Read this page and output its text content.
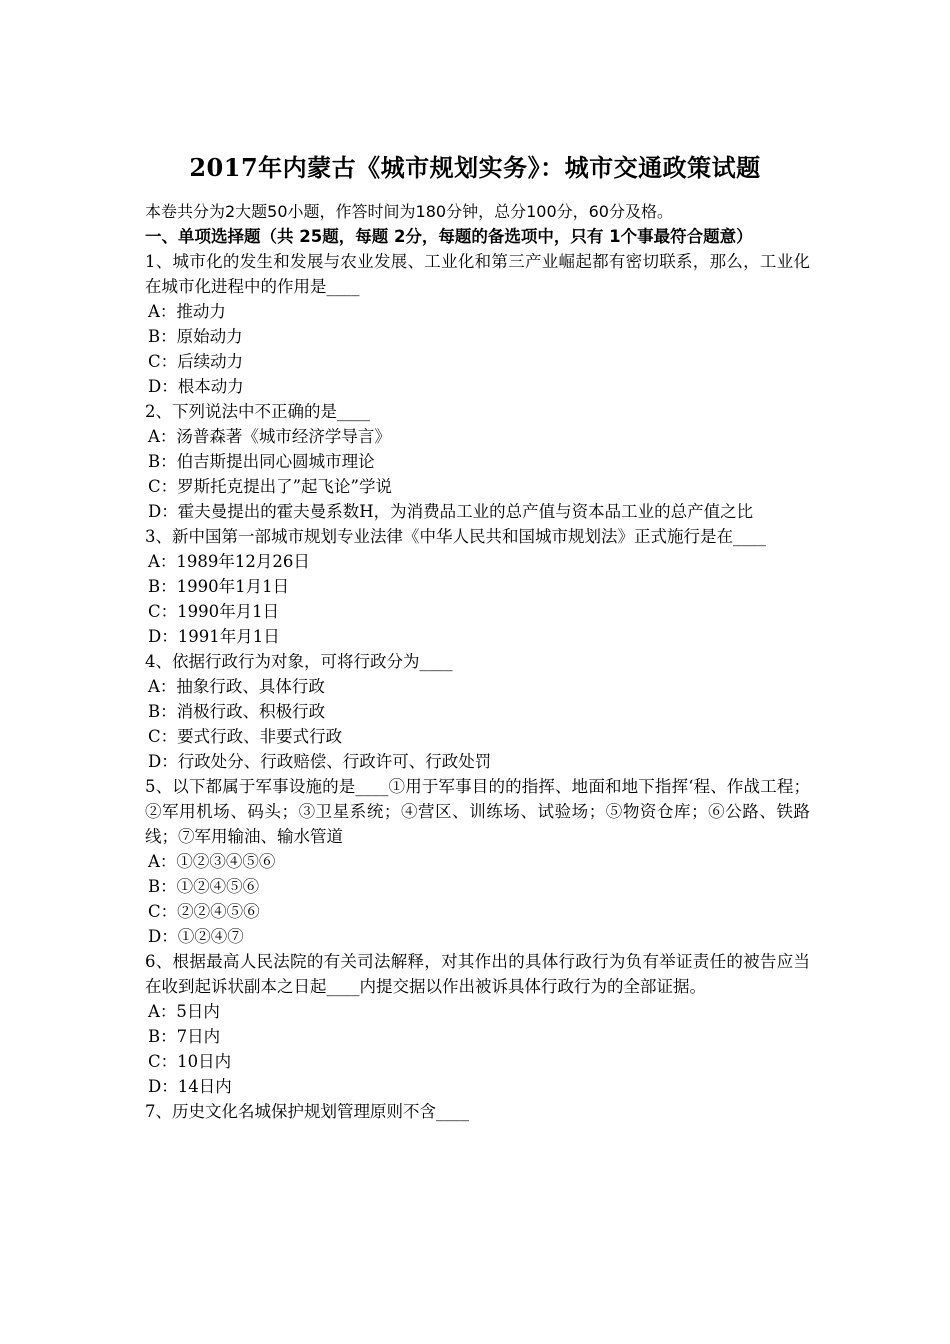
2017年内蒙古《城市规划实务》：城市交通政策试题
本卷共分为2大题50小题，作答时间为180分钟，总分100分，60分及格。
一、单项选择题（共 25题，每题 2分，每题的备选项中，只有 1个事最符合题意）
1、城市化的发生和发展与农业发展、工业化和第三产业崛起都有密切联系，那么，工业化在城市化进程中的作用是____
A：推动力
B：原始动力
C：后续动力
D：根本动力
2、下列说法中不正确的是____
A：汤普森著《城市经济学导言》
B：伯吉斯提出同心圆城市理论
C：罗斯托克提出了”起飞论”学说
D：霍夫曼提出的霍夫曼系数H，为消费品工业的总产值与资本品工业的总产值之比
3、新中国第一部城市规划专业法律《中华人民共和国城市规划法》正式施行是在____
A：1989年12月26日
B：1990年1月1日
C：1990年月1日
D：1991年月1日
4、依据行政行为对象，可将行政分为____
A：抽象行政、具体行政
B：消极行政、积极行政
C：要式行政、非要式行政
D：行政处分、行政赔偿、行政许可、行政处罚
5、以下都属于军事设施的是____①用于军事目的的指挥、地面和地下指挥‘程、作战工程；②军用机场、码头；③卫星系统；④营区、训练场、试验场；⑤物资仓库；⑥公路、铁路线；⑦军用输油、输水管道
A：①②③④⑤⑥
B：①②④⑤⑥
C：②②④⑤⑥
D：①②④⑦
6、根据最高人民法院的有关司法解释，对其作出的具体行政行为负有举证责任的被告应当在收到起诉状副本之日起____内提交据以作出被诉具体行政行为的全部证据。
A：5日内
B：7日内
C：10日内
D：14日内
7、历史文化名城保护规划管理原则不含____
